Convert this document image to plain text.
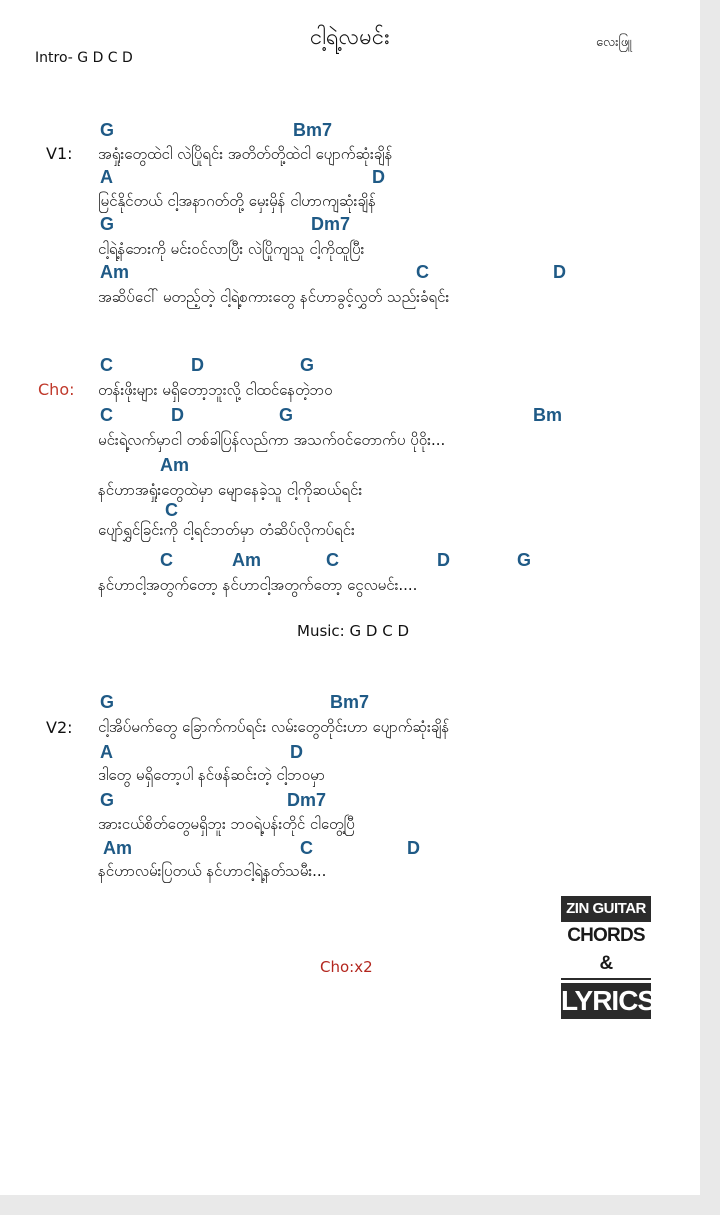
ငါ့ရဲ့လမင်း	လေးဖြူ
Intro- G D C D
V1:
G	Bm7
အရှုံးတွေထဲငါ လဲပြိုရင်း အတိတ်တို့ထဲငါ ပျောက်ဆုံးချိန်
A	D
မြင်နိုင်တယ် ငါ့အနာဂတ်တို့ မှေးမှိန် ငါဟာကျဆုံးချိန်
G	Dm7
ငါ့ရဲ့နံဘေးကို မင်းဝင်လာပြီး လဲပြိုကျသူ ငါ့ကိုထူပြီး
Am	C	D
အဆိပ်ငေါ် မတည့်တဲ့ ငါ့ရဲ့စကားတွေ နင်ဟာခွင့်လွှတ် သည်းခံရင်း
Cho:
C	D	G
တန်းဖိုးများ မရှိတော့ဘူးလို့ ငါထင်နေတဲ့ဘဝ
C	D	G	Bm
မင်းရဲ့လက်မှာငါ တစ်ခါပြန်လည်ကာ အသက်ဝင်တောက်ပ ပိုဝိုး...
Am
နင်ဟာအရှုံးတွေထဲမှာ မျောနေခဲ့သူ ငါ့ကိုဆယ်ရင်း
C
ပျော်ရွှင်ခြင်းကို ငါ့ရင်ဘတ်မှာ တံဆိပ်လိုကပ်ရင်း
C	Am	C	D	G
နင်ဟာငါ့အတွက်တော့ နင်ဟာငါ့အတွက်တော့ ငွေလမင်း....
Music: G D C D
V2:
G	Bm7
ငါ့အိပ်မက်တွေ ခြောက်ကပ်ရင်း လမ်းတွေတိုင်းဟာ ပျောက်ဆုံးချိန်
A	D
ဒါတွေ မရှိတော့ပါ နင်ဖန်ဆင်းတဲ့ ငါ့ဘဝမှာ
G	Dm7
အားငယ်စိတ်တွေမရှိဘူး ဘဝရဲ့ပန်းတိုင် ငါတွေ့ပြီ
Am	C	D
နင်ဟာလမ်းပြတယ် နင်ဟာငါ့ရဲ့နတ်သမီး...
Cho:x2
ZIN GUITAR
CHORDS &
LYRICS
